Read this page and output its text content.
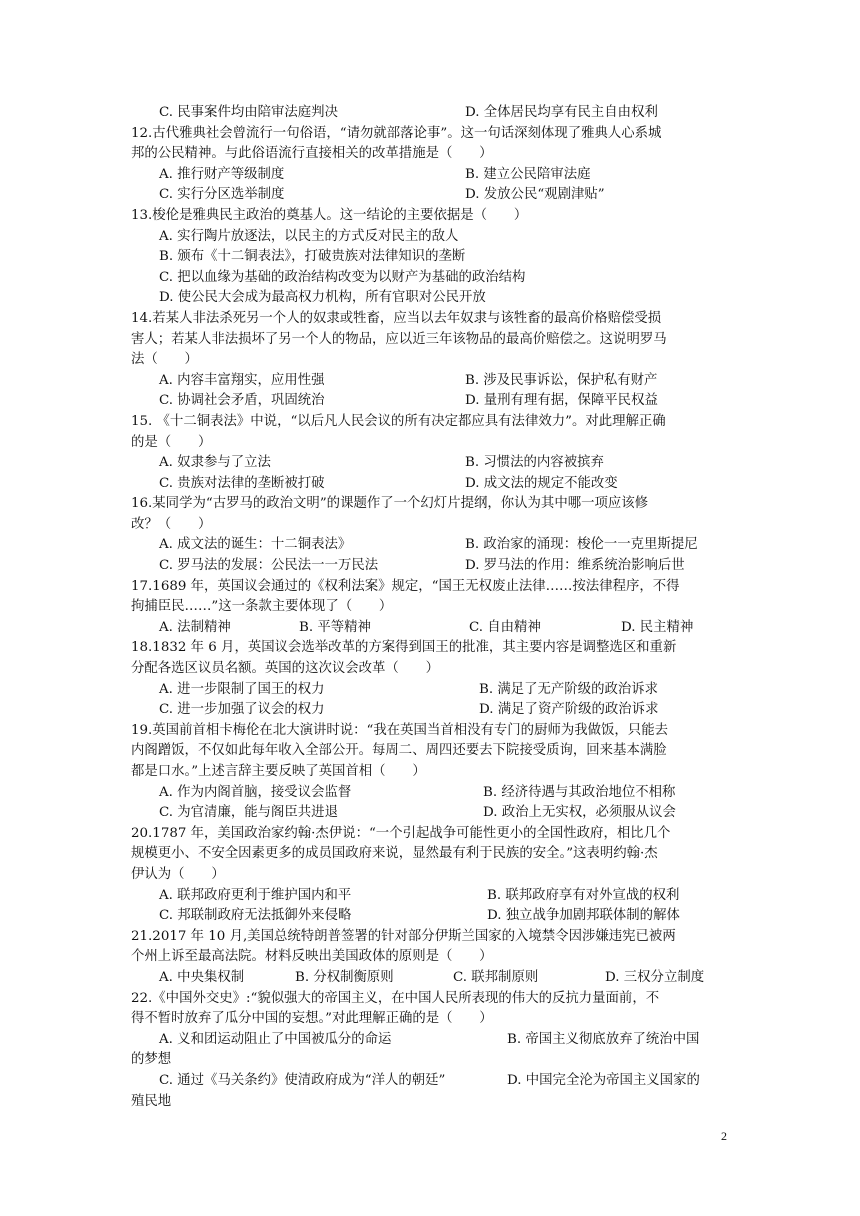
C. 民事案件均由陪审法庭判决	D. 全体居民均享有民主自由权利
12.古代雅典社会曾流行一句俗语，“请勿就部落论事”。这一句话深刻体现了雅典人心系城
邦的公民精神。与此俗语流行直接相关的改革措施是（　　）
A. 推行财产等级制度	B. 建立公民陪审法庭
C. 实行分区选举制度	D. 发放公民“观剧津贴”
13.梭伦是雅典民主政治的奠基人。这一结论的主要依据是（　　）
A. 实行陶片放逐法，以民主的方式反对民主的敌人
B. 颁布《十二铜表法》，打破贵族对法律知识的垄断
C. 把以血缘为基础的政治结构改变为以财产为基础的政治结构
D. 使公民大会成为最高权力机构，所有官职对公民开放
14.若某人非法杀死另一个人的奴隶或牲畜，应当以去年奴隶与该牲畜的最高价格赔偿受损
害人；若某人非法损坏了另一个人的物品，应以近三年该物品的最高价赔偿之。这说明罗马
法（　　）
A. 内容丰富翔实，应用性强	B. 涉及民事诉讼，保护私有财产
C. 协调社会矛盾，巩固统治	D. 量刑有理有据，保障平民权益
15. 《十二铜表法》中说，“以后凡人民会议的所有决定都应具有法律效力”。对此理解正确
的是（　　）
A. 奴隶参与了立法	B. 习惯法的内容被摈弃
C. 贵族对法律的垄断被打破	D. 成文法的规定不能改变
16.某同学为“古罗马的政治文明”的课题作了一个幻灯片提纲，你认为其中哪一项应该修
改？（　　）
A. 成文法的诞生：十二铜表法》	B. 政治家的涌现：梭伦一一克里斯提尼
C. 罗马法的发展：公民法一一万民法	D. 罗马法的作用：维系统治影响后世
17.1689 年，英国议会通过的《权利法案》规定，“国王无权废止法律……按法律程序，不得
拘捕臣民……”这一条款主要体现了（　　）
A. 法制精神	B. 平等精神	C. 自由精神	D. 民主精神
18.1832 年 6 月，英国议会选举改革的方案得到国王的批准，其主要内容是调整选区和重新
分配各选区议员名额。英国的这次议会改革（　　）
A. 进一步限制了国王的权力	B. 满足了无产阶级的政治诉求
C. 进一步加强了议会的权力	D. 满足了资产阶级的政治诉求
19.英国前首相卡梅伦在北大演讲时说：“我在英国当首相没有专门的厨师为我做饭，只能去
内阁蹭饭，不仅如此每年收入全部公开。每周二、周四还要去下院接受质询，回来基本满脸
都是口水。”上述言辞主要反映了英国首相（　　）
A. 作为内阁首脑，接受议会监督	B. 经济待遇与其政治地位不相称
C. 为官清廉，能与阁臣共进退	D. 政治上无实权，必须服从议会
20.1787 年，美国政治家约翰·杰伊说：“一个引起战争可能性更小的全国性政府，相比几个
规模更小、不安全因素更多的成员国政府来说，显然最有利于民族的安全。”这表明约翰·杰
伊认为（　　）
A. 联邦政府更利于维护国内和平	B. 联邦政府享有对外宣战的权利
C. 邦联制政府无法抵御外来侵略	D. 独立战争加剧邦联体制的解体
21.2017 年 10 月,美国总统特朗普签署的针对部分伊斯兰国家的入境禁令因涉嫌违宪已被两
个州上诉至最高法院。材料反映出美国政体的原则是（　　）
A. 中央集权制	B. 分权制衡原则	C. 联邦制原则	D. 三权分立制度
22.《中国外交史》:“貌似强大的帝国主义，在中国人民所表现的伟大的反抗力量面前，不
得不暂时放弃了瓜分中国的妄想。”对此理解正确的是（　　）
A. 义和团运动阻止了中国被瓜分的命运	B. 帝国主义彻底放弃了统治中国
的梦想
C. 通过《马关条约》使清政府成为“洋人的朝廷”	D. 中国完全沦为帝国主义国家的
殖民地
2
